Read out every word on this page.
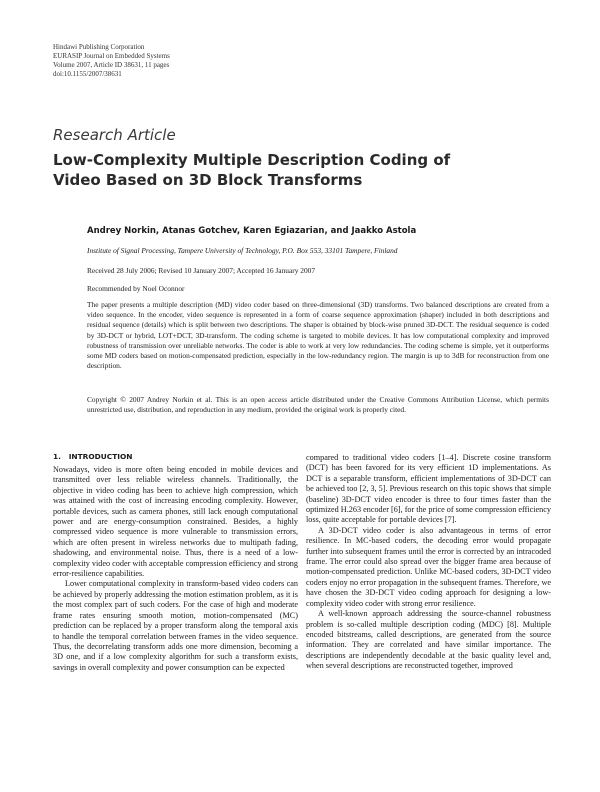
Hindawi Publishing Corporation
EURASIP Journal on Embedded Systems
Volume 2007, Article ID 38631, 11 pages
doi:10.1155/2007/38631
Research Article
Low-Complexity Multiple Description Coding of
Video Based on 3D Block Transforms
Andrey Norkin, Atanas Gotchev, Karen Egiazarian, and Jaakko Astola
Institute of Signal Processing, Tampere University of Technology, P.O. Box 553, 33101 Tampere, Finland
Received 28 July 2006; Revised 10 January 2007; Accepted 16 January 2007
Recommended by Noel Oconnor
The paper presents a multiple description (MD) video coder based on three-dimensional (3D) transforms. Two balanced descriptions are created from a video sequence. In the encoder, video sequence is represented in a form of coarse sequence approximation (shaper) included in both descriptions and residual sequence (details) which is split between two descriptions. The shaper is obtained by block-wise pruned 3D-DCT. The residual sequence is coded by 3D-DCT or hybrid, LOT+DCT, 3D-transform. The coding scheme is targeted to mobile devices. It has low computational complexity and improved robustness of transmission over unreliable networks. The coder is able to work at very low redundancies. The coding scheme is simple, yet it outperforms some MD coders based on motion-compensated prediction, especially in the low-redundancy region. The margin is up to 3dB for reconstruction from one description.
Copyright © 2007 Andrey Norkin et al. This is an open access article distributed under the Creative Commons Attribution License, which permits unrestricted use, distribution, and reproduction in any medium, provided the original work is properly cited.
1. INTRODUCTION

Nowadays, video is more often being encoded in mobile devices and transmitted over less reliable wireless channels. Traditionally, the objective in video coding has been to achieve high compression, which was attained with the cost of increasing encoding complexity. However, portable devices, such as camera phones, still lack enough computational power and are energy-consumption constrained. Besides, a highly compressed video sequence is more vulnerable to transmission errors, which are often present in wireless networks due to multipath fading, shadowing, and environmental noise. Thus, there is a need of a low-complexity video coder with acceptable compression efficiency and strong error-resilience capabilities.

Lower computational complexity in transform-based video coders can be achieved by properly addressing the motion estimation problem, as it is the most complex part of such coders. For the case of high and moderate frame rates ensuring smooth motion, motion-compensated (MC) prediction can be replaced by a proper transform along the temporal axis to handle the temporal correlation between frames in the video sequence. Thus, the decorrelating transform adds one more dimension, becoming a 3D one, and if a low complexity algorithm for such a transform exists, savings in overall complexity and power consumption can be expected

compared to traditional video coders [1–4]. Discrete cosine transform (DCT) has been favored for its very efficient 1D implementations. As DCT is a separable transform, efficient implementations of 3D-DCT can be achieved too [2, 3, 5]. Previous research on this topic shows that simple (baseline) 3D-DCT video encoder is three to four times faster than the optimized H.263 encoder [6], for the price of some compression efficiency loss, quite acceptable for portable devices [7].

A 3D-DCT video coder is also advantageous in terms of error resilience. In MC-based coders, the decoding error would propagate further into subsequent frames until the error is corrected by an intracoded frame. The error could also spread over the bigger frame area because of motion-compensated prediction. Unlike MC-based coders, 3D-DCT video coders enjoy no error propagation in the subsequent frames. Therefore, we have chosen the 3D-DCT video coding approach for designing a low-complexity video coder with strong error resilience.

A well-known approach addressing the source-channel robustness problem is so-called multiple description coding (MDC) [8]. Multiple encoded bitstreams, called descriptions, are generated from the source information. They are correlated and have similar importance. The descriptions are independently decodable at the basic quality level and, when several descriptions are reconstructed together, improved
